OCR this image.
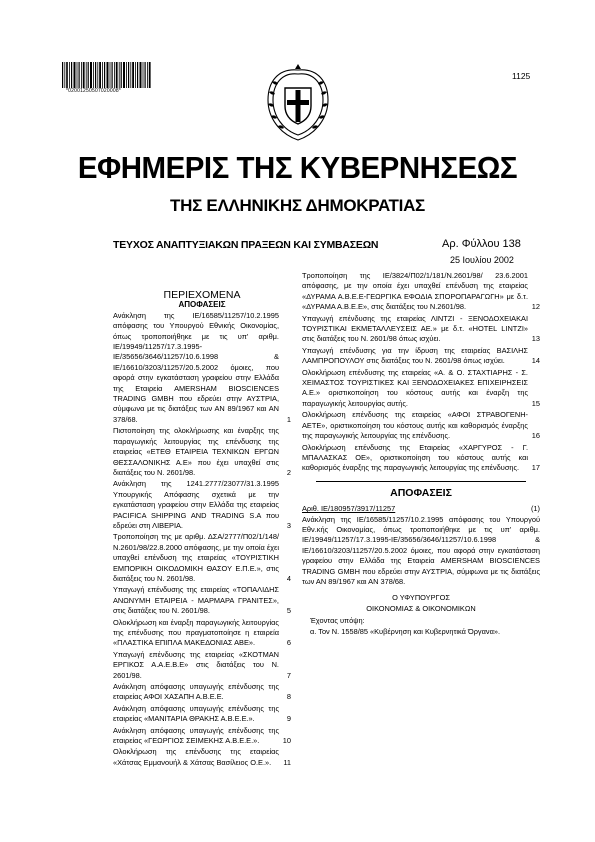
*02001250507020008*
1125
ΕΦΗΜΕΡΙΣ ΤΗΣ ΚΥΒΕΡΝΗΣΕΩΣ
ΤΗΣ ΕΛΛΗΝΙΚΗΣ ΔΗΜΟΚΡΑΤΙΑΣ
ΤΕΥΧΟΣ ΑΝΑΠΤΥΞΙΑΚΩΝ ΠΡΑΞΕΩΝ ΚΑΙ ΣΥΜΒΑΣΕΩΝ	Αρ. Φύλλου 138
25 Ιουλίου 2002
ΠΕΡΙΕΧΟΜΕΝΑ
ΑΠΟΦΑΣΕΙΣ
Ανάκληση της ΙΕ/16585/11257/10.2.1995 απόφασης του Υπουργού Εθνικής Οικονομίας, όπως τροποποιήθηκε με τις υπ' αριθμ. ΙΕ/19949/11257/17.3.1995-ΙΕ/35656/3646/11257/10.6.1998 & ΙΕ/16610/3203/11257/20.5.2002 όμοιες, που αφορά στην εγκατάσταση γραφείου στην Ελλάδα της Εταιρεία AMERSHAM BIOSCIENCES TRADING GMBH που εδρεύει στην ΑΥΣΤΡΙΑ, σύμφωνα με τις διατάξεις των ΑΝ 89/1967 και ΑΝ 378/68.	1
Πιστοποίηση της ολοκλήρωσης και έναρξης της παραγωγικής λειτουργίας της επένδυσης της εταιρείας «ΕΤΕΘ ΕΤΑΙΡΕΙΑ ΤΕΧΝΙΚΩΝ ΕΡΓΩΝ ΘΕΣΣΑΛΟΝΙΚΗΣ Α.Ε» που έχει υπαχθεί στις διατάξεις του Ν. 2601/98.	2
Ανάκληση της 1241.2777/23077/31.3.1995 Υπουργικής Απόφασης σχετικά με την εγκατάσταση γραφείου στην Ελλάδα της εταιρείας PACIFICA SHIPPING AND TRADING S.A που εδρεύει στη ΛΙΒΕΡΙΑ.	3
Τροποποίηση της με αριθμ. ΔΣΑ/2777/Π02/1/148/Ν.2601/98/22.8.2000 απόφασης, με την οποία έχει υπαχθεί επένδυση της εταιρείας «ΤΟΥΡΙΣΤΙΚΗ ΕΜΠΟΡΙΚΗ ΟΙΚΟΔΟΜΙΚΗ ΘΑΣΟΥ Ε.Π.Ε.», στις διατάξεις του Ν. 2601/98.	4
Υπαγωγή επένδυσης της εταιρείας «ΤΟΠΑΛΙΔΗΣ ΑΝΩΝΥΜΗ ΕΤΑΙΡΕΙΑ - ΜΑΡΜΑΡΑ ΓΡΑΝΙΤΕΣ», στις διατάξεις του Ν. 2601/98.	5
Ολοκλήρωση και έναρξη παραγωγικής λειτουργίας της επένδυσης που πραγματοποίησε η εταιρεία «ΠΛΑΣΤΙΚΑ ΕΠΙΠΛΑ ΜΑΚΕΔΟΝΙΑΣ ΑΒΕ».	6
Υπαγωγή επένδυσης της εταιρείας «ΣΚΟΤΜΑΝ ΕΡΓΙΚΟΣ Α.Α.Ε.Β.Ε» στις διατάξεις του Ν. 2601/98.	7
Ανάκληση απόφασης υπαγωγής επένδυσης της εταιρείας ΑΦΟΙ ΧΑΣΑΠΗ Α.Β.Ε.Ε.	8
Ανάκληση απόφασης υπαγωγής επένδυσης της εταιρείας «ΜΑΝΙΤΑΡΙΑ ΘΡΑΚΗΣ Α.Β.Ε.Ε.».	9
Ανάκληση απόφασης υπαγωγής επένδυσης της εταιρείας «ΓΕΩΡΓΙΟΣ ΣΕΙΜΕΚΗΣ Α.Β.Ε.Ε.».	10
Ολοκλήρωση της επένδυσης της εταιρείας «Χάτσας Εμμανουήλ & Χάτσας Βασίλειος Ο.Ε.». 11
Τροποποίηση της ΙΕ/3824/Π02/1/181/Ν.2601/98/ 23.6.2001 απόφασης, με την οποία έχει υπαχθεί επένδυση της εταιρείας «ΔΥΡΑΜΑ Α.Β.Ε.Ε-ΓΕΩΡΓΙΚΑ ΕΦΟΔΙΑ ΣΠΟΡΟΠΑΡΑΓΩΓΗ» με δ.τ. «ΔΥΡΑΜΑ Α.Β.Ε.Ε», στις διατάξεις του Ν.2601/98.	12
Υπαγωγή επένδυσης της εταιρείας ΛΙΝΤΖΙ - ΞΕΝΟΔΟΧΕΙΑΚΑΙ ΤΟΥΡΙΣΤΙΚΑΙ ΕΚΜΕΤΑΛΛΕΥΣΕΙΣ ΑΕ.» με δ.τ. «HOTEL LINTZI» στις διατάξεις του Ν. 2601/98 όπως ισχύει.	13
Υπαγωγή επένδυσης για την ίδρυση της εταιρείας ΒΑΣΙΛΗΣ ΛΑΜΠΡΟΠΟΥΛΟΥ στις διατάξεις του Ν. 2601/98 όπως ισχύει.	14
Ολοκλήρωση επένδυσης της εταιρείας «Α. & Ο. ΣΤΑΧΤΙΑΡΗΣ - Σ. ΧΕΙΜΑΣΤΟΣ ΤΟΥΡΙΣΤΙΚΕΣ ΚΑΙ ΞΕΝΟΔΟΧΕΙΑΚΕΣ ΕΠΙΧΕΙΡΗΣΕΙΣ Α.Ε.» οριστικοποίηση του κόστους αυτής και έναρξη της παραγωγικής λειτουργίας αυτής.	15
Ολοκλήρωση επένδυσης της εταιρείας «ΑΦΟΙ ΣΤΡΑΒΟΓΕΝΗ-ΑΕΤΕ», οριστικοποίηση του κόστους αυτής και καθορισμός έναρξης της παραγωγικής λειτουργίας της επένδυσης.	16
Ολοκλήρωση επένδυσης της Εταιρείας «ΧΑΡΓΥΡΟΣ - Γ. ΜΠΑΛΑΣΚΑΣ ΟΕ», οριστικοποίηση του κόστους αυτής και καθορισμός έναρξης της παραγωγικής λειτουργίας της επένδυσης. 17
ΑΠΟΦΑΣΕΙΣ
Αριθ. ΙΕ/180957/3917/11257	(1)
Ανάκληση της ΙΕ/16585/11257/10.2.1995 απόφασης του Υπουργού Εθν.κής Οικονομίας, όπως τροποποιήθηκε με τις υπ' αριθμ. ΙΕ/19949/11257/17.3.1995-ΙΕ/35656/3646/11257/10.6.1998 & ΙΕ/16610/3203/11257/20.5.2002 όμοιες, που αφορά στην εγκατάσταση γραφείου στην Ελλάδα της Εταιρεία AMERSHAM BIOSCIENCES TRADING GMBH που εδρεύει στην ΑΥΣΤΡΙΑ, σύμφωνα με τις διατάξεις των ΑΝ 89/1967 και ΑΝ 378/68.
Ο ΥΦΥΠΟΥΡΓΟΣ
ΟΙΚΟΝΟΜΙΑΣ & ΟΙΚΟΝΟΜΙΚΩΝ
Έχοντας υπόψη:
α. Τον Ν. 1558/85 «Κυβέρνηση και Κυβερνητικά Όργανα».
